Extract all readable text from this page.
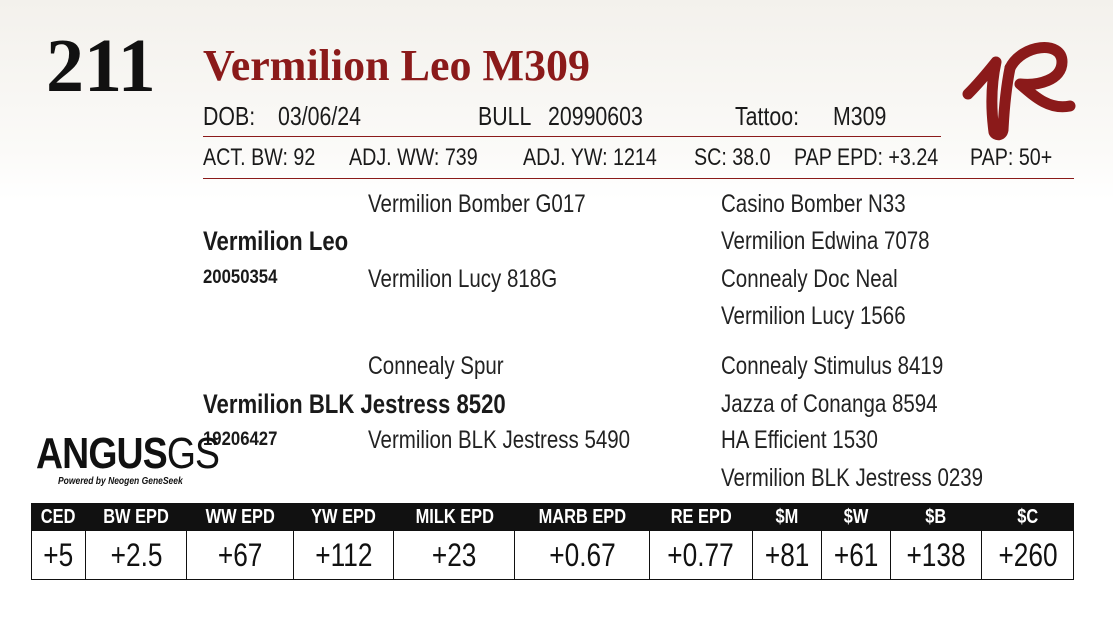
211 Vermilion Leo M309
DOB: 03/06/24	BULL 20990603	Tattoo: M309
ACT. BW: 92 ADJ. WW: 739 ADJ. YW: 1214 SC: 38.0 PAP EPD: +3.24 PAP: 50+
Vermilion Bomber G017
Vermilion Leo
20050354	Vermilion Lucy 818G
Casino Bomber N33
Vermilion Edwina 7078
Connealy Doc Neal
Vermilion Lucy 1566
Connealy Spur
Vermilion BLK Jestress 8520
19206427	Vermilion BLK Jestress 5490
Connealy Stimulus 8419
Jazza of Conanga 8594
HA Efficient 1530
Vermilion BLK Jestress 0239
ANGUSGS
Powered by Neogen GeneSeek
CED	BW EPD	WW EPD	YW EPD	MILK EPD	MARB EPD	RE EPD	$M	$W	$B	$C
+5	+2.5	+67	+112	+23	+0.67	+0.77	+81	+61	+138	+260
